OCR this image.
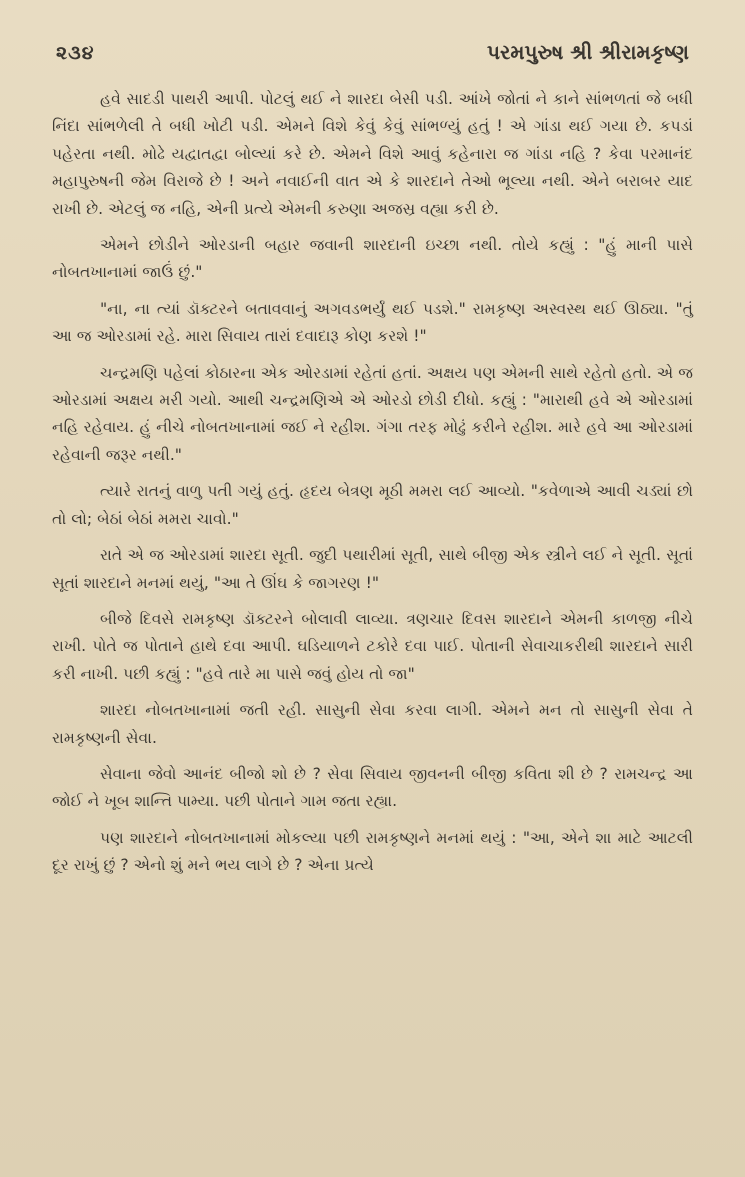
૨૩૪	પરમપુરુષ શ્રી શ્રીરામકૃષ્ણ

હવે સાદડી પાથરી આપી. પોટલું થઈ ને શારદા બેસી પડી. આંખે જોતાં ને કાને સાંભળતાં જે બધી નિંદા સાંભળેલી તે બધી ખોટી પડી. એમને વિશે કેવું કેવું સાંભળ્યું હતું ! એ ગાંડા થઈ ગયા છે. કપડાં પહેરતા નથી. મોઢે યદ્વાતદ્વા બોલ્યાં કરે છે. એમને વિશે આવું કહેનારા જ ગાંડા નહિ ? કેવા પરમાનંદ મહાપુરુષની જેમ વિરાજે છે ! અને નવાઈની વાત એ કે શારદાને તેઓ ભૂલ્યા નથી. એને બરાબર યાદ રાખી છે. એટલું જ નહિ, એની પ્રત્યે એમની કરુણા અજસ્ર વહ્યા કરી છે.

એમને છોડીને ઓરડાની બહાર જવાની શારદાની ઇચ્છા નથી. તોયે કહ્યું : "હું માની પાસે નોબતખાનામાં જાઉં છું."

"ના, ના ત્યાં ડૉક્ટરને બતાવવાનું અગવડભર્યું થઈ પડશે." રામકૃષ્ણ અસ્વસ્થ થઈ ઊઠ્યા. "તું આ જ ઓરડામાં રહે. મારા સિવાય તારાં દવાદારૂ કોણ કરશે !"

ચન્દ્રમણિ પહેલાં કોઠારના એક ઓરડામાં રહેતાં હતાં. અક્ષય પણ એમની સાથે રહેતો હતો. એ જ ઓરડામાં અક્ષય મરી ગયો. આથી ચન્દ્રમણિએ એ ઓરડો છોડી દીધો. કહ્યું : "મારાથી હવે એ ઓરડામાં નહિ રહેવાય. હું નીચે નોબતખાનામાં જઈ ને રહીશ. ગંગા તરફ મોઢું કરીને રહીશ. મારે હવે આ ઓરડામાં રહેવાની જરૂર નથી."

ત્યારે રાતનું વાળુ પતી ગયું હતું. હૃદય બેત્રણ મૂઠી મમરા લઈ આવ્યો. "કવેળાએ આવી ચડ્યાં છો તો લો; બેઠાં બેઠાં મમરા ચાવો."

રાતે એ જ ઓરડામાં શારદા સૂતી. જુદી પથારીમાં સૂતી, સાથે બીજી એક સ્ત્રીને લઈ ને સૂતી. સૂતાં સૂતાં શારદાને મનમાં થયું, "આ તે ઊંઘ કે જાગરણ !"

બીજે દિવસે રામકૃષ્ણ ડૉક્ટરને બોલાવી લાવ્યા. ત્રણચાર દિવસ શારદાને એમની કાળજી નીચે રાખી. પોતે જ પોતાને હાથે દવા આપી. ઘડિયાળને ટકોરે દવા પાઈ. પોતાની સેવાચાકરીથી શારદાને સારી કરી નાખી. પછી કહ્યું : "હવે તારે મા પાસે જવું હોય તો જા"

શારદા નોબતખાનામાં જતી રહી. સાસુની સેવા કરવા લાગી. એમને મન તો સાસુની સેવા તે રામકૃષ્ણની સેવા.

સેવાના જેવો આનંદ બીજો શો છે ? સેવા સિવાય જીવનની બીજી કવિતા શી છે ? રામચન્દ્ર આ જોઈ ને ખૂબ શાન્તિ પામ્યા. પછી પોતાને ગામ જતા રહ્યા.

પણ શારદાને નોબતખાનામાં મોકલ્યા પછી રામકૃષ્ણને મનમાં થયું : "આ, એને શા માટે આટલી દૂર રાખું છું ? એનો શું મને ભય લાગે છે ? એના પ્રત્યે
